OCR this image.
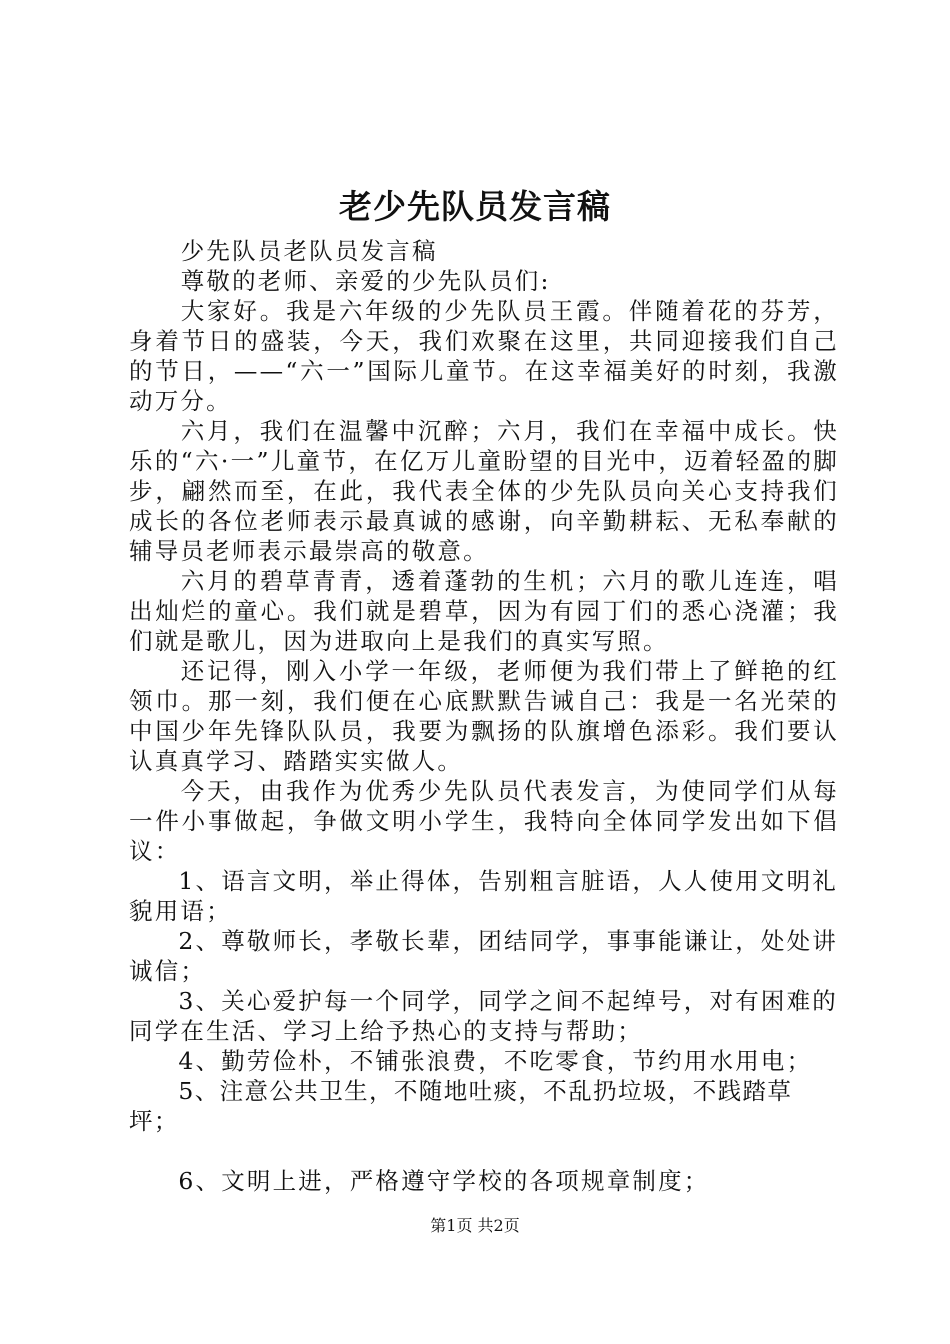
老少先队员发言稿

少先队员老队员发言稿

尊敬的老师、亲爱的少先队员们:

大家好。我是六年级的少先队员王霞。伴随着花的芬芳，身着节日的盛装，今天，我们欢聚在这里，共同迎接我们自己的节日，——“六一”国际儿童节。在这幸福美好的时刻，我激动万分。

六月，我们在温馨中沉醉；六月，我们在幸福中成长。快乐的“六·一”儿童节，在亿万儿童盼望的目光中，迈着轻盈的脚步，翩然而至，在此，我代表全体的少先队员向关心支持我们成长的各位老师表示最真诚的感谢，向辛勤耕耘、无私奉献的辅导员老师表示最崇高的敬意。

六月的碧草青青，透着蓬勃的生机；六月的歌儿连连，唱出灿烂的童心。我们就是碧草，因为有园丁们的悉心浇灌；我们就是歌儿，因为进取向上是我们的真实写照。

还记得，刚入小学一年级，老师便为我们带上了鲜艳的红领巾。那一刻，我们便在心底默默告诫自己：我是一名光荣的中国少年先锋队队员，我要为飘扬的队旗增色添彩。我们要认认真真学习、踏踏实实做人。

今天，由我作为优秀少先队员代表发言，为使同学们从每一件小事做起，争做文明小学生，我特向全体同学发出如下倡议：

1、语言文明，举止得体，告别粗言脏语，人人使用文明礼貌用语；

2、尊敬师长，孝敬长辈，团结同学，事事能谦让，处处讲诚信；

3、关心爱护每一个同学，同学之间不起绰号，对有困难的同学在生活、学习上给予热心的支持与帮助；

4、勤劳俭朴，不铺张浪费，不吃零食，节约用水用电；

5、注意公共卫生，不随地吐痰，不乱扔垃圾，不践踏草坪；

6、文明上进，严格遵守学校的各项规章制度；

第1页 共2页
